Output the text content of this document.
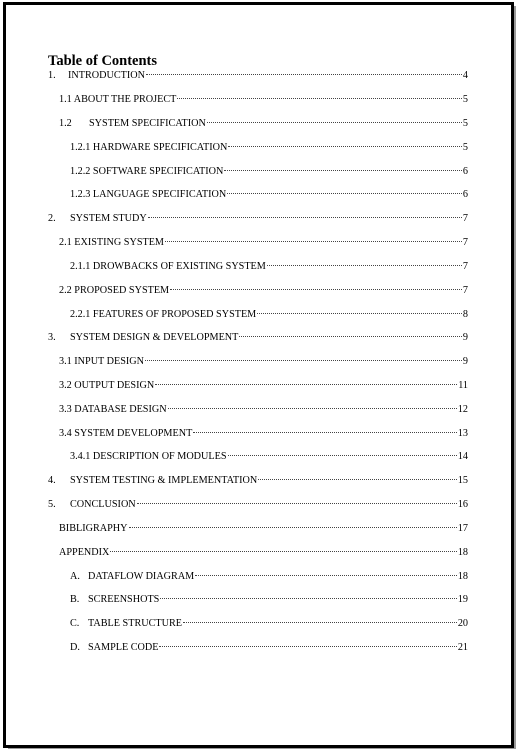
Table of Contents
1.	INTRODUCTION	4
1.1 ABOUT THE PROJECT	5
1.2	SYSTEM SPECIFICATION	5
1.2.1 HARDWARE SPECIFICATION	5
1.2.2 SOFTWARE SPECIFICATION	6
1.2.3 LANGUAGE SPECIFICATION	6
2.	SYSTEM STUDY	7
2.1 EXISTING SYSTEM	7
2.1.1 DROWBACKS OF EXISTING SYSTEM	7
2.2 PROPOSED SYSTEM	7
2.2.1 FEATURES OF PROPOSED SYSTEM	8
3.	SYSTEM DESIGN & DEVELOPMENT	9
3.1 INPUT DESIGN	9
3.2 OUTPUT DESIGN	11
3.3 DATABASE DESIGN	12
3.4 SYSTEM DEVELOPMENT	13
3.4.1 DESCRIPTION OF MODULES	14
4.	SYSTEM TESTING & IMPLEMENTATION	15
5.	CONCLUSION	16
BIBLIGRAPHY	17
APPENDIX	18
A. DATAFLOW DIAGRAM	18
B. SCREENSHOTS	19
C. TABLE STRUCTURE	20
D. SAMPLE CODE	21
